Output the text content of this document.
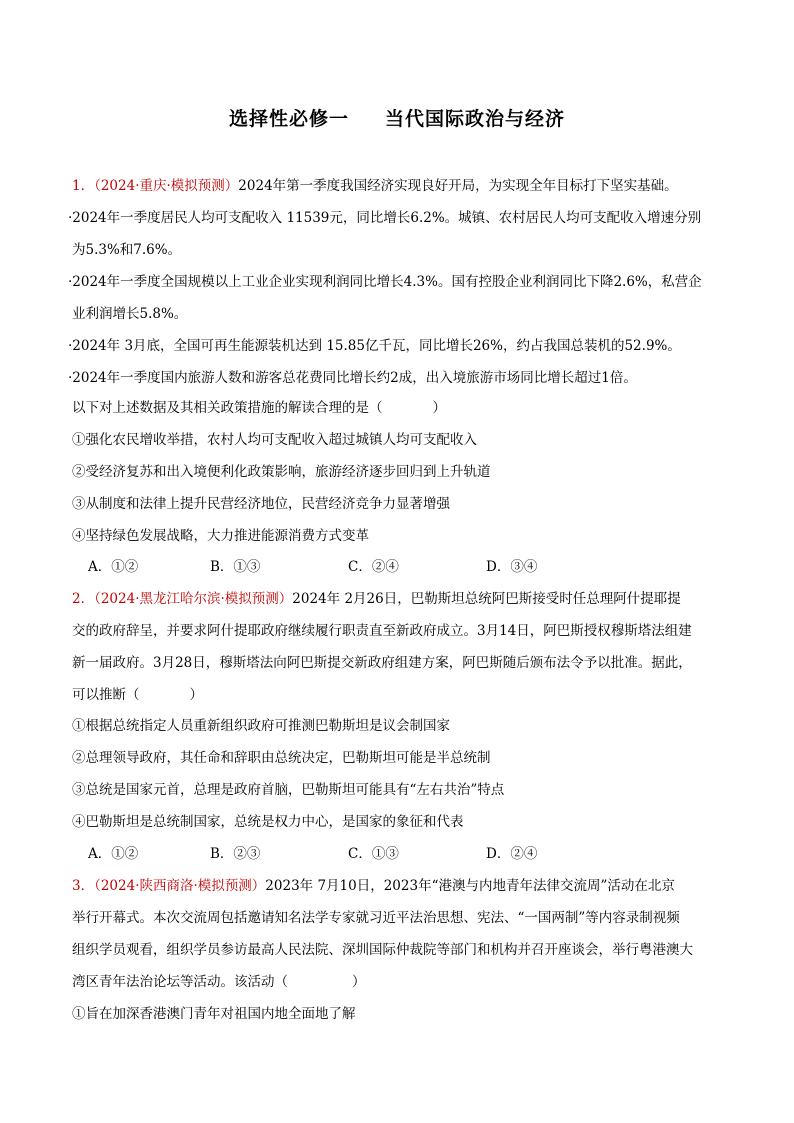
选择性必修一 当代国际政治与经济
1．（2024·重庆·模拟预测）2024年第一季度我国经济实现良好开局，为实现全年目标打下坚实基础。
·2024年一季度居民人均可支配收入 11539元，同比增长6.2%。城镇、农村居民人均可支配收入增速分别
为5.3%和7.6%。
·2024年一季度全国规模以上工业企业实现利润同比增长4.3%。国有控股企业利润同比下降2.6%，私营企
业利润增长5.8%。
·2024年 3月底，全国可再生能源装机达到 15.85亿千瓦，同比增长26%，约占我国总装机的52.9%。
·2024年一季度国内旅游人数和游客总花费同比增长约2成，出入境旅游市场同比增长超过1倍。
以下对上述数据及其相关政策措施的解读合理的是（	）
①强化农民增收举措，农村人均可支配收入超过城镇人均可支配收入
②受经济复苏和出入境便利化政策影响，旅游经济逐步回归到上升轨道
③从制度和法律上提升民营经济地位，民营经济竞争力显著增强
④坚持绿色发展战略，大力推进能源消费方式变革
A．①②	B．①③	C．②④	D．③④
2．（2024·黑龙江哈尔滨·模拟预测）2024年 2月26日，巴勒斯坦总统阿巴斯接受时任总理阿什提耶提
交的政府辞呈，并要求阿什提耶政府继续履行职责直至新政府成立。3月14日，阿巴斯授权穆斯塔法组建
新一届政府。3月28日，穆斯塔法向阿巴斯提交新政府组建方案，阿巴斯随后颁布法令予以批准。据此，
可以推断（	）
①根据总统指定人员重新组织政府可推测巴勒斯坦是议会制国家
②总理领导政府，其任命和辞职由总统决定，巴勒斯坦可能是半总统制
③总统是国家元首，总理是政府首脑，巴勒斯坦可能具有“左右共治”特点
④巴勒斯坦是总统制国家，总统是权力中心，是国家的象征和代表
A．①②	B．②③	C．①③	D．②④
3．（2024·陕西商洛·模拟预测）2023年 7月10日，2023年“港澳与内地青年法律交流周”活动在北京
举行开幕式。本次交流周包括邀请知名法学专家就习近平法治思想、宪法、“一国两制”等内容录制视频
组织学员观看，组织学员参访最高人民法院、深圳国际仲裁院等部门和机构并召开座谈会，举行粤港澳大
湾区青年法治论坛等活动。该活动（	）
①旨在加深香港澳门青年对祖国内地全面地了解
